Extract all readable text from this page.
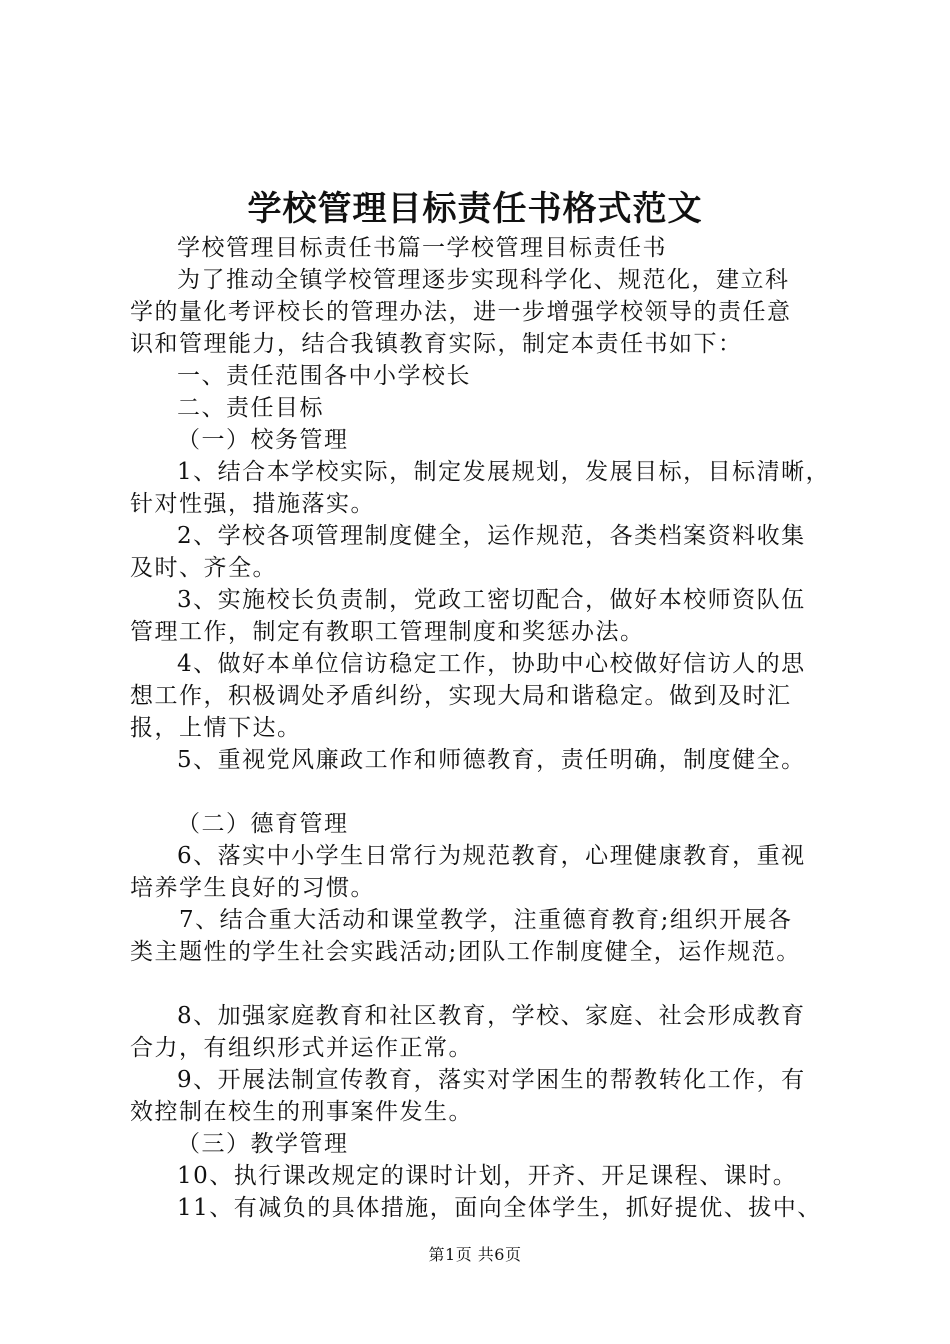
学校管理目标责任书格式范文
学校管理目标责任书篇一学校管理目标责任书
为了推动全镇学校管理逐步实现科学化、规范化，建立科
学的量化考评校长的管理办法，进一步增强学校领导的责任意
识和管理能力，结合我镇教育实际，制定本责任书如下：
一、责任范围各中小学校长
二、责任目标
（一）校务管理
1、结合本学校实际，制定发展规划，发展目标，目标清晰，
针对性强，措施落实。
2、学校各项管理制度健全，运作规范，各类档案资料收集
及时、齐全。
3、实施校长负责制，党政工密切配合，做好本校师资队伍
管理工作，制定有教职工管理制度和奖惩办法。
4、做好本单位信访稳定工作，协助中心校做好信访人的思
想工作，积极调处矛盾纠纷，实现大局和谐稳定。做到及时汇
报，上情下达。
5、重视党风廉政工作和师德教育，责任明确，制度健全。
（二）德育管理
6、落实中小学生日常行为规范教育，心理健康教育，重视
培养学生良好的习惯。
7、结合重大活动和课堂教学，注重德育教育;组织开展各
类主题性的学生社会实践活动;团队工作制度健全，运作规范。
8、加强家庭教育和社区教育，学校、家庭、社会形成教育
合力，有组织形式并运作正常。
9、开展法制宣传教育，落实对学困生的帮教转化工作，有
效控制在校生的刑事案件发生。
（三）教学管理
10、执行课改规定的课时计划，开齐、开足课程、课时。
11、有减负的具体措施，面向全体学生，抓好提优、拔中、
第1页 共6页
